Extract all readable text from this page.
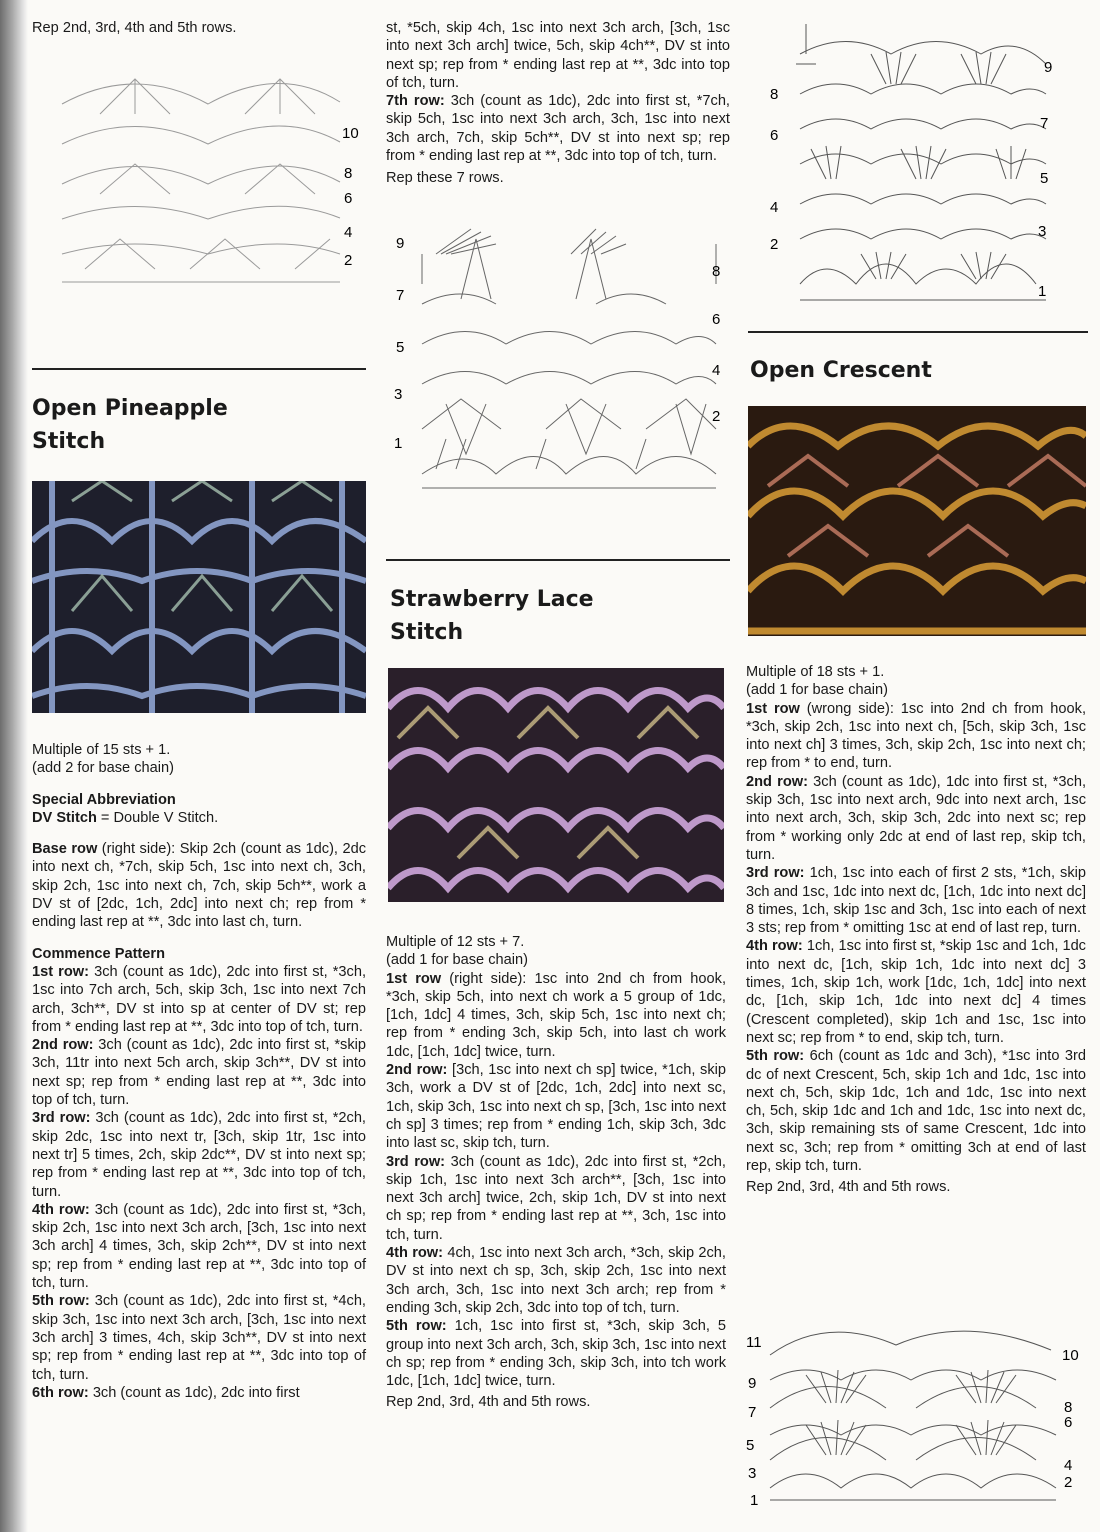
Rep 2nd, 3rd, 4th and 5th rows.

10
8
6
4
2
Open Pineapple
Stitch

Multiple of 15 sts + 1.

(add 2 for base chain)

Special Abbreviation

DV Stitch = Double V Stitch.

Base row (right side): Skip 2ch (count as 1dc), 2dc into next ch, *7ch, skip 5ch, 1sc into next ch, 3ch, skip 2ch, 1sc into next ch, 7ch, skip 5ch**, work a DV st of [2dc, 1ch, 2dc] into next ch; rep from * ending last rep at **, 3dc into last ch, turn.

Commence Pattern

1st row: 3ch (count as 1dc), 2dc into first st, *3ch, 1sc into 7ch arch, 5ch, skip 3ch, 1sc into next 7ch arch, 3ch**, DV st into sp at center of DV st; rep from * ending last rep at **, 3dc into top of tch, turn.

2nd row: 3ch (count as 1dc), 2dc into first st, *skip 3ch, 11tr into next 5ch arch, skip 3ch**, DV st into next sp; rep from * ending last rep at **, 3dc into top of tch, turn.

3rd row: 3ch (count as 1dc), 2dc into first st, *2ch, skip 2dc, 1sc into next tr, [3ch, skip 1tr, 1sc into next tr] 5 times, 2ch, skip 2dc**, DV st into next sp; rep from * ending last rep at **, 3dc into top of tch, turn.

4th row: 3ch (count as 1dc), 2dc into first st, *3ch, skip 2ch, 1sc into next 3ch arch, [3ch, 1sc into next 3ch arch] 4 times, 3ch, skip 2ch**, DV st into next sp; rep from * ending last rep at **, 3dc into top of tch, turn.

5th row: 3ch (count as 1dc), 2dc into first st, *4ch, skip 3ch, 1sc into next 3ch arch, [3ch, 1sc into next 3ch arch] 3 times, 4ch, skip 3ch**, DV st into next sp; rep from * ending last rep at **, 3dc into top of tch, turn.

6th row: 3ch (count as 1dc), 2dc into first

st, *5ch, skip 4ch, 1sc into next 3ch arch, [3ch, 1sc into next 3ch arch] twice, 5ch, skip 4ch**, DV st into next sp; rep from * ending last rep at **, 3dc into top of tch, turn.

7th row: 3ch (count as 1dc), 2dc into first st, *7ch, skip 5ch, 1sc into next 3ch arch, 3ch, 1sc into next 3ch arch, 7ch, skip 5ch**, DV st into next sp; rep from * ending last rep at **, 3dc into top of tch, turn.

Rep these 7 rows.

9
7
5
3
1
8
6
4
2
Strawberry Lace
Stitch

Multiple of 12 sts + 7.

(add 1 for base chain)

1st row (right side): 1sc into 2nd ch from hook, *3ch, skip 5ch, into next ch work a 5 group of 1dc, [1ch, 1dc] 4 times, 3ch, skip 5ch, 1sc into next ch; rep from * ending 3ch, skip 5ch, into last ch work 1dc, [1ch, 1dc] twice, turn.

2nd row: [3ch, 1sc into next ch sp] twice, *1ch, skip 3ch, work a DV st of [2dc, 1ch, 2dc] into next sc, 1ch, skip 3ch, 1sc into next ch sp, [3ch, 1sc into next ch sp] 3 times; rep from * ending 1ch, skip 3ch, 3dc into last sc, skip tch, turn.

3rd row: 3ch (count as 1dc), 2dc into first st, *2ch, skip 1ch, 1sc into next 3ch arch**, [3ch, 1sc into next 3ch arch] twice, 2ch, skip 1ch, DV st into next ch sp; rep from * ending last rep at **, 3ch, 1sc into tch, turn.

4th row: 4ch, 1sc into next 3ch arch, *3ch, skip 2ch, DV st into next ch sp, 3ch, skip 2ch, 1sc into next 3ch arch, 3ch, 1sc into next 3ch arch; rep from * ending 3ch, skip 2ch, 3dc into top of tch, turn.

5th row: 1ch, 1sc into first st, *3ch, skip 3ch, 5 group into next 3ch arch, 3ch, skip 3ch, 1sc into next ch sp; rep from * ending 3ch, skip 3ch, into tch work 1dc, [1ch, 1dc] twice, turn.

Rep 2nd, 3rd, 4th and 5th rows.

8
6
4
2
9
7
5
3
1
Open Crescent

Multiple of 18 sts + 1.

(add 1 for base chain)

1st row (wrong side): 1sc into 2nd ch from hook, *3ch, skip 2ch, 1sc into next ch, [5ch, skip 3ch, 1sc into next ch] 3 times, 3ch, skip 2ch, 1sc into next ch; rep from * to end, turn.

2nd row: 3ch (count as 1dc), 1dc into first st, *3ch, skip 3ch, 1sc into next arch, 9dc into next arch, 1sc into next arch, 3ch, skip 3ch, 2dc into next sc; rep from * working only 2dc at end of last rep, skip tch, turn.

3rd row: 1ch, 1sc into each of first 2 sts, *1ch, skip 3ch and 1sc, 1dc into next dc, [1ch, 1dc into next dc] 8 times, 1ch, skip 1sc and 3ch, 1sc into each of next 3 sts; rep from * omitting 1sc at end of last rep, turn.

4th row: 1ch, 1sc into first st, *skip 1sc and 1ch, 1dc into next dc, [1ch, skip 1ch, 1dc into next dc] 3 times, 1ch, skip 1ch, work [1dc, 1ch, 1dc] into next dc, [1ch, skip 1ch, 1dc into next dc] 4 times (Crescent completed), skip 1ch and 1sc, 1sc into next sc; rep from * to end, skip tch, turn.

5th row: 6ch (count as 1dc and 3ch), *1sc into 3rd dc of next Crescent, 5ch, skip 1ch and 1dc, 1sc into next ch, 5ch, skip 1dc, 1ch and 1dc, 1sc into next ch, 5ch, skip 1dc and 1ch and 1dc, 1sc into next dc, 3ch, skip remaining sts of same Crescent, 1dc into next sc, 3ch; rep from * omitting 3ch at end of last rep, skip tch, turn.

Rep 2nd, 3rd, 4th and 5th rows.

11
9
7
5
3
1
10
8
6
4
2
